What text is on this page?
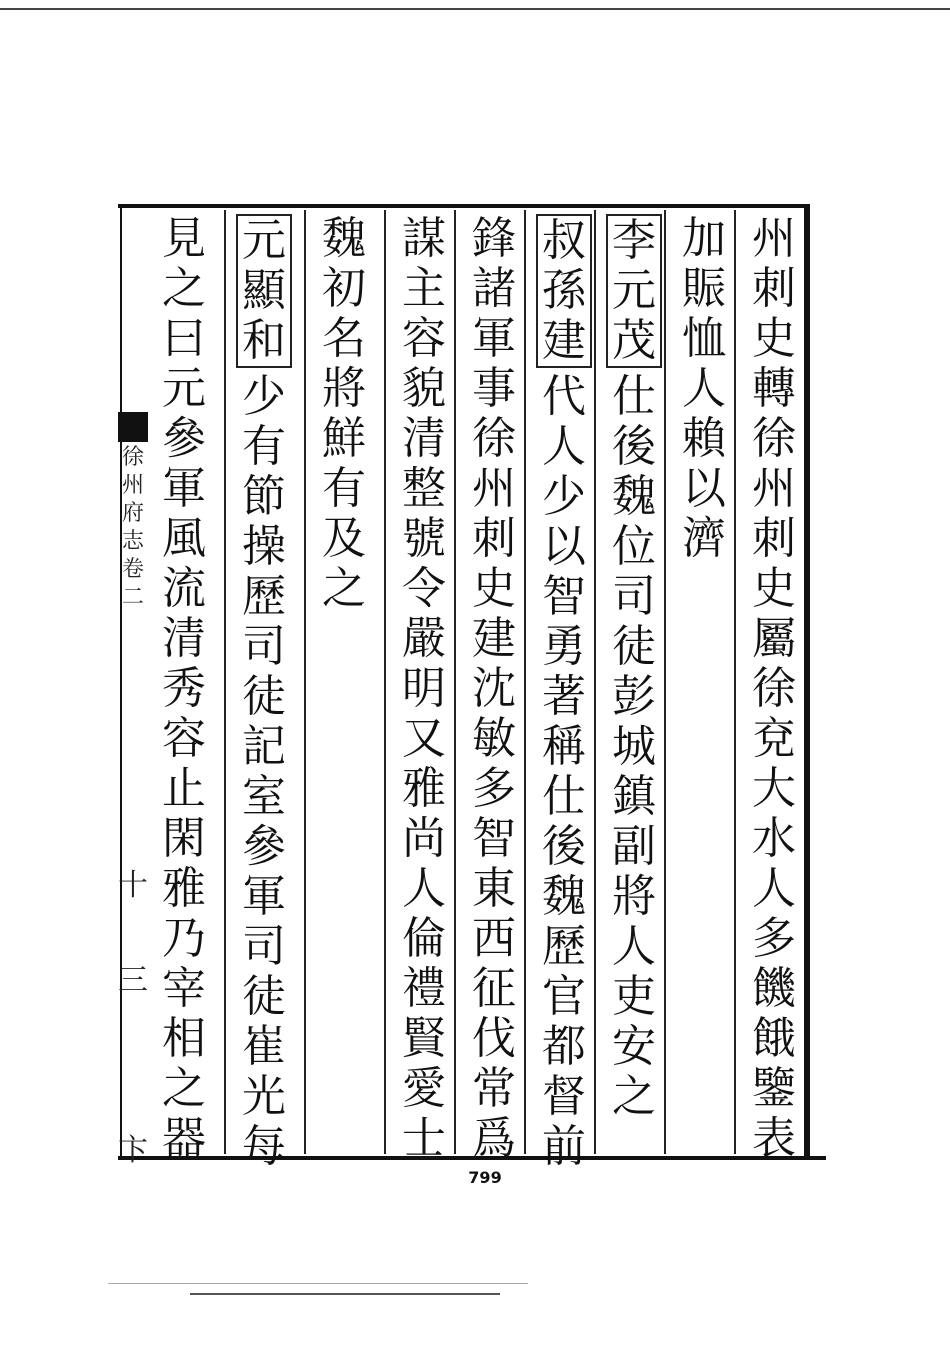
州
刺
史
轉
徐
州
刺
史
屬
徐
兗
大
水
人
多
饑
餓
鑒
表
加
賑
恤
人
賴
以
濟
李
元
茂
仕
後
魏
位
司
徒
彭
城
鎮
副
將
人
吏
安
之
叔
孫
建
代
人
少
以
智
勇
著
稱
仕
後
魏
歷
官
都
督
前
鋒
諸
軍
事
徐
州
刺
史
建
沈
敏
多
智
東
西
征
伐
常
爲
謀
主
容
貌
清
整
號
令
嚴
明
又
雅
尚
人
倫
禮
賢
愛
士
魏
初
名
將
鮮
有
及
之
元
顯
和
少
有
節
操
歷
司
徒
記
室
參
軍
司
徒
崔
光
每
見
之
曰
元
參
軍
風
流
清
秀
容
止
閑
雅
乃
宰
相
之
器
徐
州
府
志
卷
二
十
三
卞
799
